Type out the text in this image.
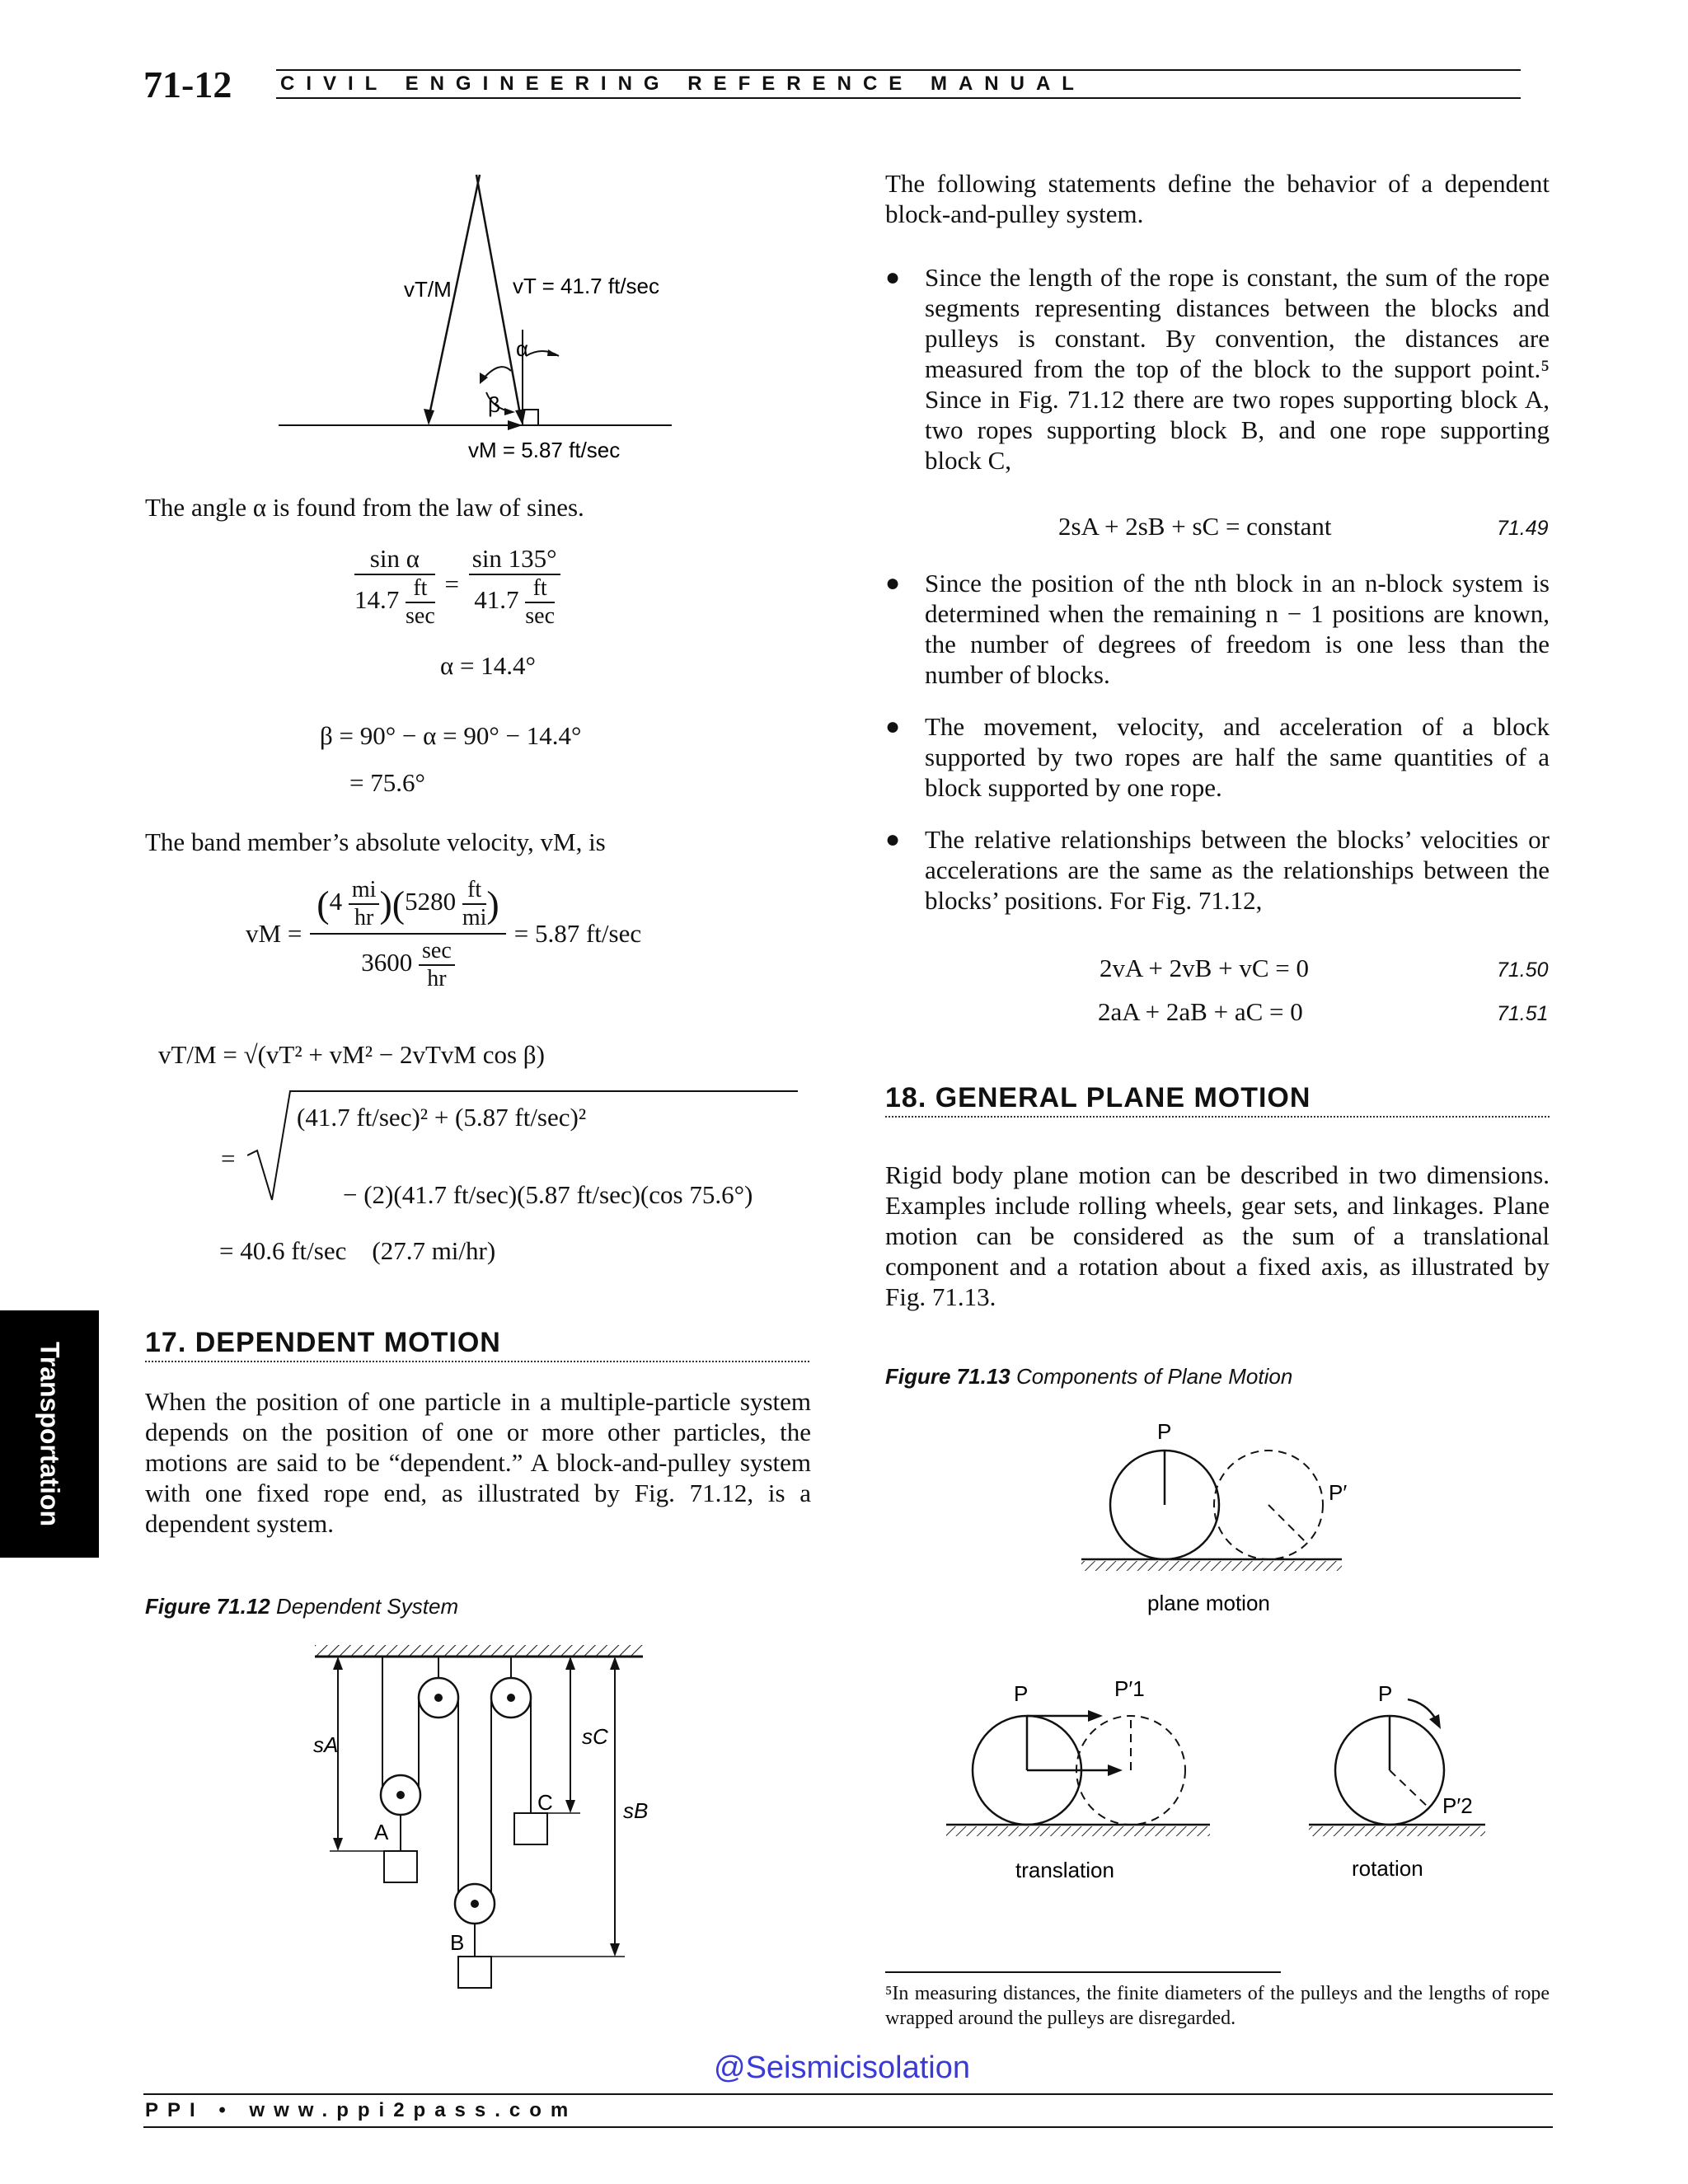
71-12 CIVIL ENGINEERING REFERENCE MANUAL
Transportation
vT/M	vT = 41.7 ft/sec
vM = 5.87 ft/sec
α
β
The angle α is found from the law of sines.
$\frac{\text{sin α}}{14.7 \frac{ft}{\sec}} = \frac{\sin 135^\circ}{41.7 \frac{ft}{\sec}}$
α = 14.4°
β = 90° − α = 90° − 14.4°
= 75.6°
The band member’s absolute velocity, vM, is
vM = $\frac{(4 \frac{mi}{hr} )(5280 \frac{ft}{mi} )}{3600 \frac{\sec}{hr}} = 5.87$ ft/sec
vT/M = √(vT² + vM² − 2vTvM cos β)
(41.7 ft/sec)² + (5.87 ft/sec)²
=
− (2)(41.7 ft/sec)(5.87 ft/sec)(cos 75.6°)
= 40.6 ft/sec    (27.7 mi/hr)
17. DEPENDENT MOTION
When the position of one particle in a multiple-particle system depends on the position of one or more other particles, the motions are said to be “dependent.” A block-and-pulley system with one fixed rope end, as illustrated by Fig. 71.12, is a dependent system.
Figure 71.12 Dependent System
sA	sC
sB
A
B
C
The following statements define the behavior of a dependent block-and-pulley system.
● Since the length of the rope is constant, the sum of the rope segments representing distances between the blocks and pulleys is constant. By convention, the distances are measured from the top of the block to the support point.⁵ Since in Fig. 71.12 there are two ropes supporting block A, two ropes supporting block B, and one rope supporting block C,
2sA + 2sB + sC = constant	71.49
● Since the position of the nth block in an n-block system is determined when the remaining n − 1 positions are known, the number of degrees of freedom is one less than the number of blocks.
● The movement, velocity, and acceleration of a block supported by two ropes are half the same quantities of a block supported by one rope.
● The relative relationships between the blocks’ velocities or accelerations are the same as the relationships between the blocks’ positions. For Fig. 71.12,
2vA + 2vB + vC = 0	71.50
2aA + 2aB + aC = 0	71.51
18. GENERAL PLANE MOTION
Rigid body plane motion can be described in two dimensions. Examples include rolling wheels, gear sets, and linkages. Plane motion can be considered as the sum of a translational component and a rotation about a fixed axis, as illustrated by Fig. 71.13.
Figure 71.13 Components of Plane Motion
P
P′
plane motion
P	P′1
translation
P
P′2
rotation
⁵In measuring distances, the finite diameters of the pulleys and the lengths of rope wrapped around the pulleys are disregarded.
@Seismicisolation
PPI • www.ppi2pass.com
